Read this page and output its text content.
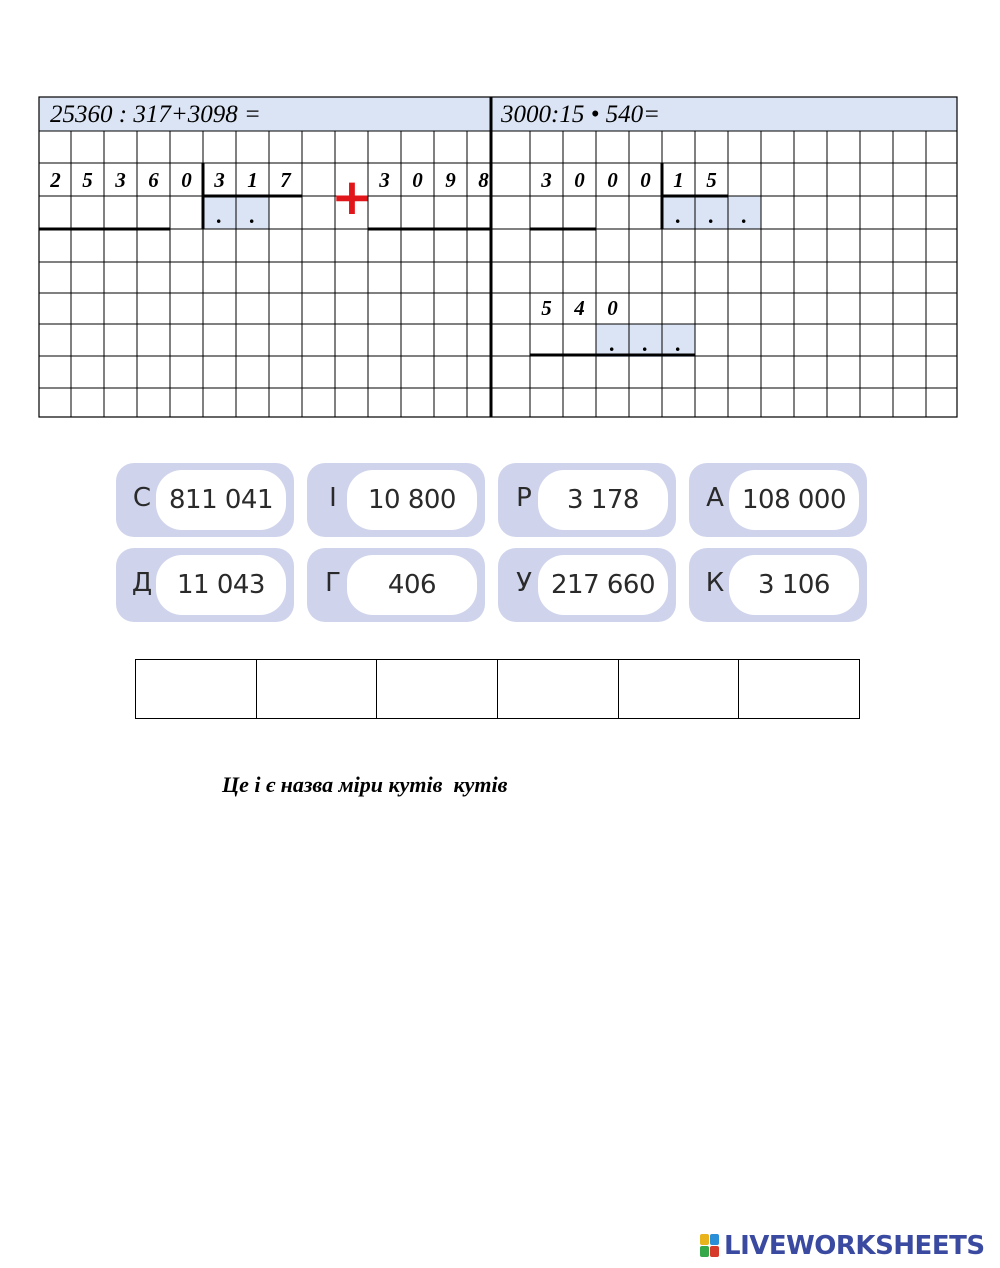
25360 : 317+3098 =	3000:15 • 540=
2	5	3	6	0	3	1	7
.	.
3	0	9	8	3	0	0	0	1	5
.	.	.
5	4	0
.	.	.
+
С 811 041	І	10 800	Р	3 178	А 108 000
Д 11 043	Г	406	У 217 660	К	3 106
Це і є назва міри кутів  кутів
LIVEWORKSHEETS
